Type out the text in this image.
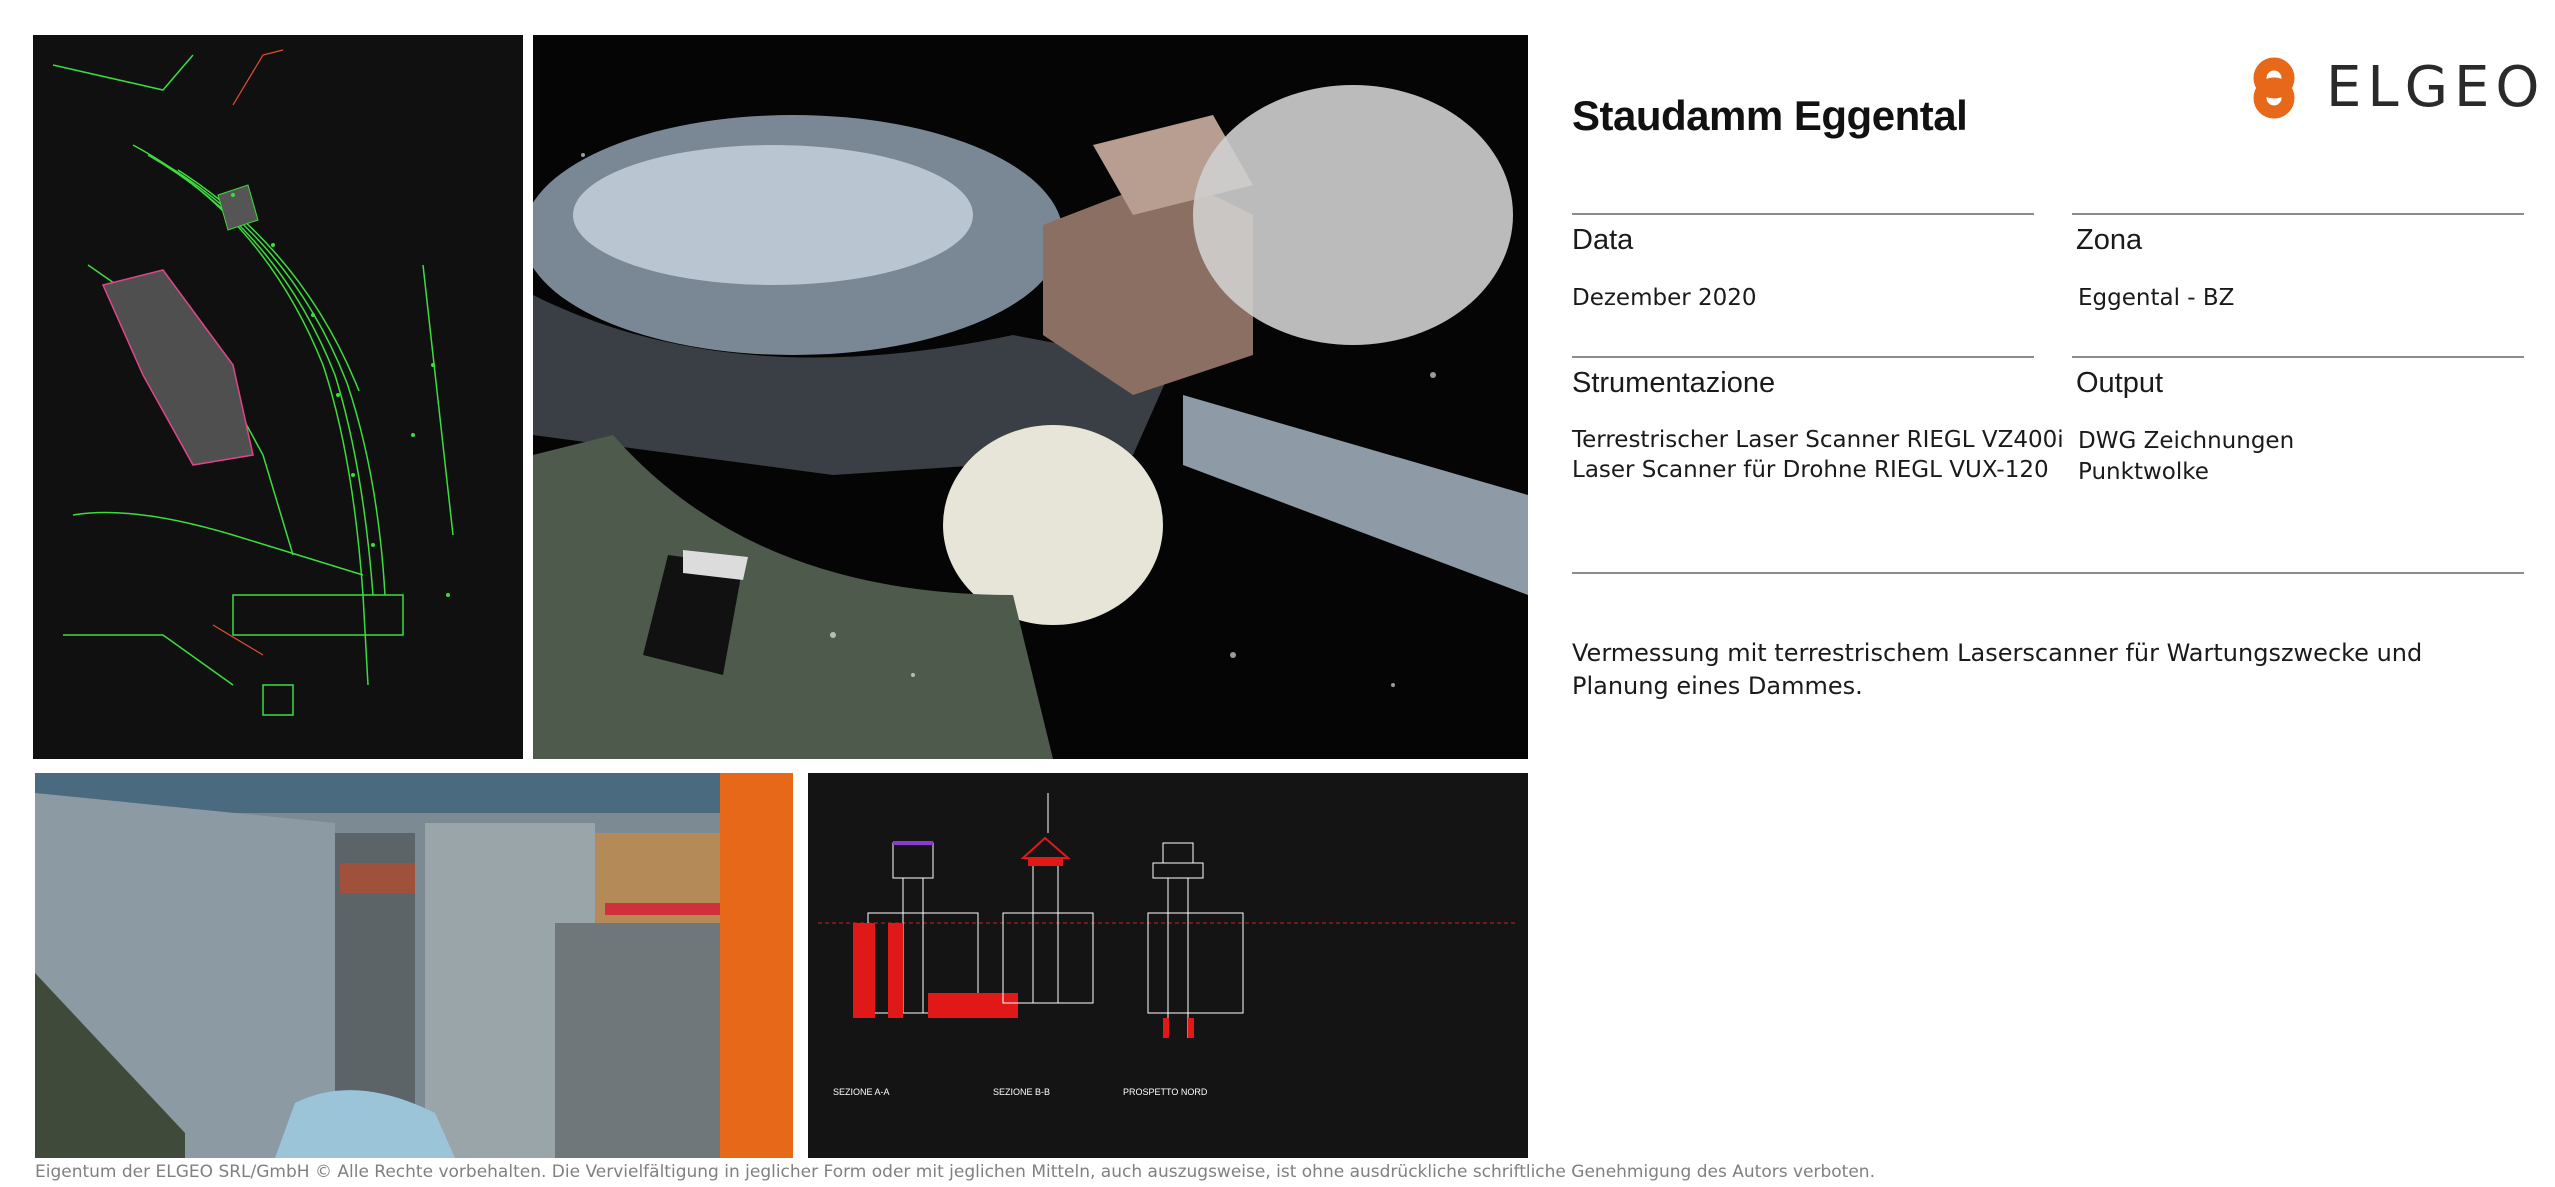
SEZIONE A-A	SEZIONE B-B	PROSPETTO NORD
ELGEO
Staudamm Eggental
Data
Dezember 2020
Zona
Eggental - BZ
Strumentazione
Terrestrischer Laser Scanner RIEGL VZ400i
Laser Scanner für Drohne RIEGL VUX-120
Output
DWG Zeichnungen
Punktwolke

Vermessung mit terrestrischem Laserscanner für Wartungszwecke und Planung eines Dammes.

Eigentum der ELGEO SRL/GmbH © Alle Rechte vorbehalten. Die Vervielfältigung in jeglicher Form oder mit jeglichen Mitteln, auch auszugsweise, ist ohne ausdrückliche schriftliche Genehmigung des Autors verboten.
